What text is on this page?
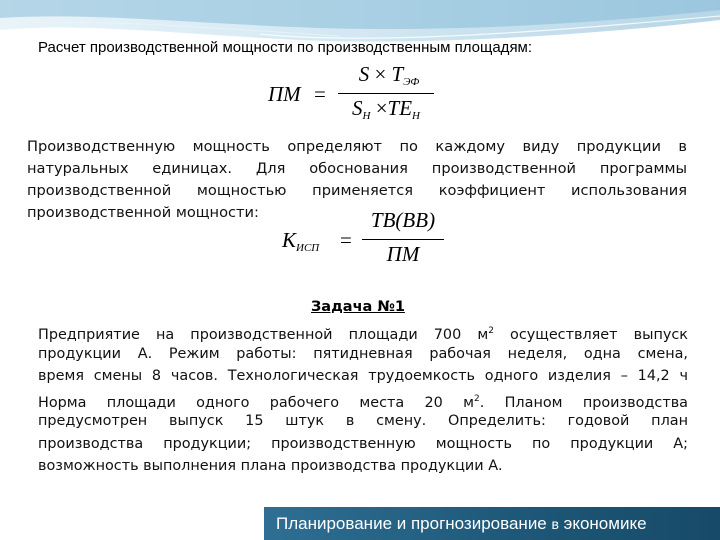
Расчет производственной мощности по производственным площадям:
ПМ =
$S \times T_{ЭФ}$
$S_Н \times TE_Н$
Производственную мощность определяют по каждому виду продукции в
натуральных единицах. Для обоснования производственной программы
производственной мощностью применяется коэффициент использования
производственной мощности:
$K_{ИСП}$ =
TB(BB)
ПМ
Задача №1
Предприятие на производственной площади 700 $м^2$ осуществляет выпуск
продукции А. Режим работы: пятидневная рабочая неделя, одна смена,
время смены 8 часов. Технологическая трудоемкость одного изделия – 14,2 ч
Норма площади одного рабочего места 20 $м^2$. Планом производства
предусмотрен выпуск 15 штук в смену. Определить: годовой план
производства продукции; производственную мощность по продукции А;
возможность выполнения плана производства продукции А.
Планирование и прогнозирование в экономике
